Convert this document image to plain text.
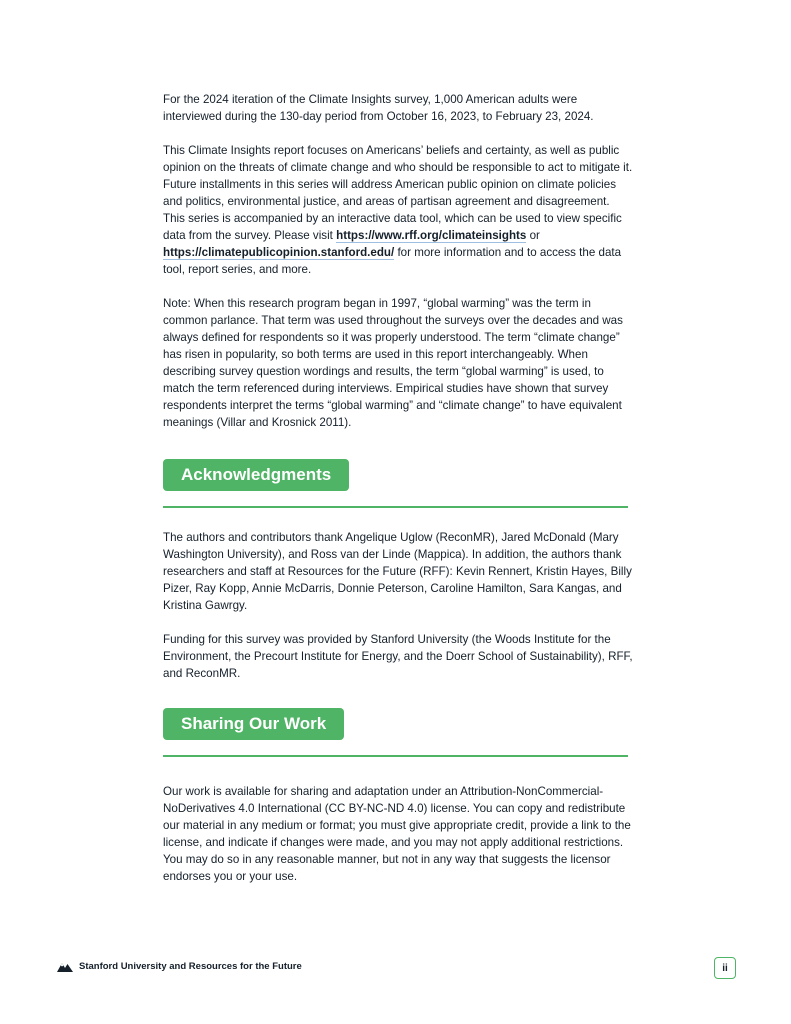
For the 2024 iteration of the Climate Insights survey, 1,000 American adults were interviewed during the 130-day period from October 16, 2023, to February 23, 2024.

This Climate Insights report focuses on Americans’ beliefs and certainty, as well as public opinion on the threats of climate change and who should be responsible to act to mitigate it. Future installments in this series will address American public opinion on climate policies and politics, environmental justice, and areas of partisan agreement and disagreement. This series is accompanied by an interactive data tool, which can be used to view specific data from the survey. Please visit https://www.rff.org/climateinsights or https://climatepublicopinion.stanford.edu/ for more information and to access the data tool, report series, and more.

Note: When this research program began in 1997, “global warming” was the term in common parlance. That term was used throughout the surveys over the decades and was always defined for respondents so it was properly understood. The term “climate change” has risen in popularity, so both terms are used in this report interchangeably. When describing survey question wordings and results, the term “global warming” is used, to match the term referenced during interviews. Empirical studies have shown that survey respondents interpret the terms “global warming” and “climate change” to have equivalent meanings (Villar and Krosnick 2011).

Acknowledgments

The authors and contributors thank Angelique Uglow (ReconMR), Jared McDonald (Mary Washington University), and Ross van der Linde (Mappica). In addition, the authors thank researchers and staff at Resources for the Future (RFF): Kevin Rennert, Kristin Hayes, Billy Pizer, Ray Kopp, Annie McDarris, Donnie Peterson, Caroline Hamilton, Sara Kangas, and Kristina Gawrgy.

Funding for this survey was provided by Stanford University (the Woods Institute for the Environment, the Precourt Institute for Energy, and the Doerr School of Sustainability), RFF, and ReconMR.

Sharing Our Work

Our work is available for sharing and adaptation under an Attribution-NonCommercial-NoDerivatives 4.0 International (CC BY-NC-ND 4.0) license. You can copy and redistribute our material in any medium or format; you must give appropriate credit, provide a link to the license, and indicate if changes were made, and you may not apply additional restrictions. You may do so in any reasonable manner, but not in any way that suggests the licensor endorses you or your use.

Stanford University and Resources for the Future	ii
